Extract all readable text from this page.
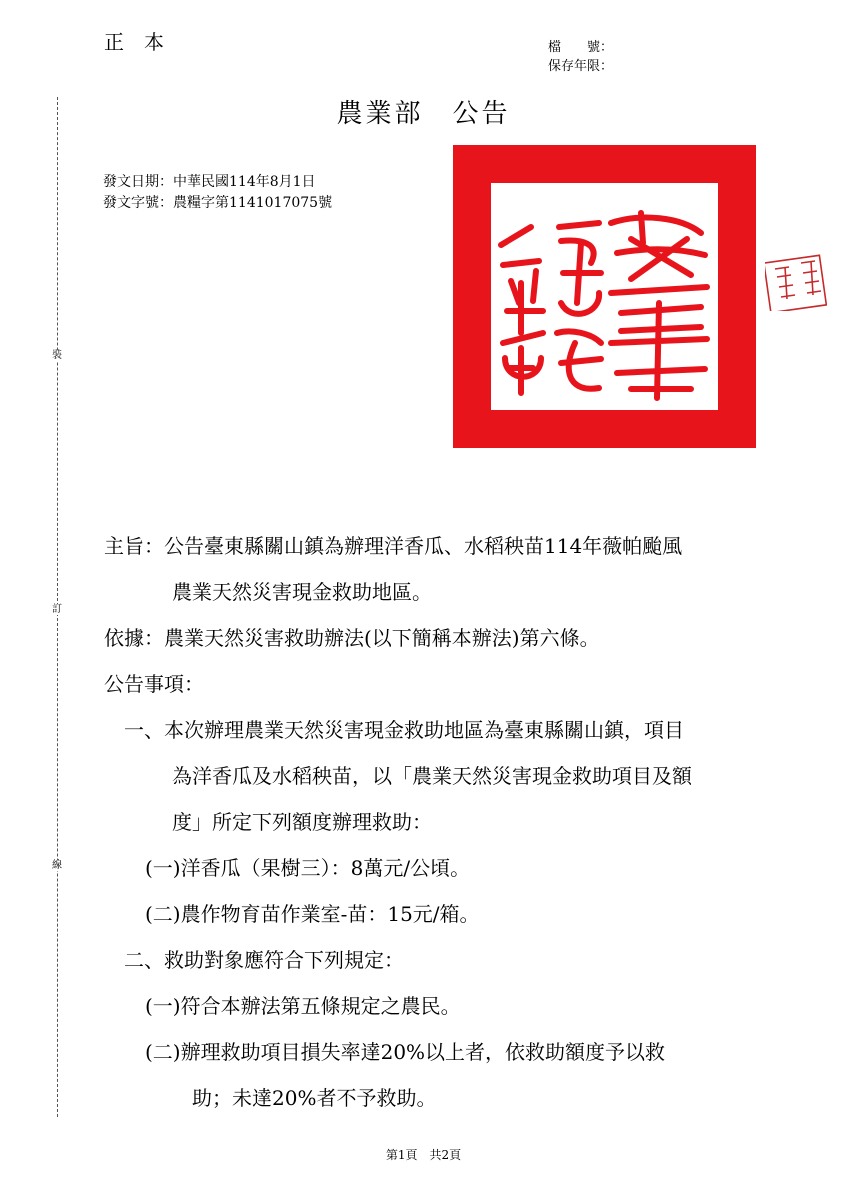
正本	檔　　號：
保存年限：
裝
訂
線
農業部　公告
發文日期：中華民國114年8月1日
發文字號：農糧字第1141017075號
主旨：公告臺東縣關山鎮為辦理洋香瓜、水稻秧苗114年薇帕颱風
農業天然災害現金救助地區。
依據：農業天然災害救助辦法(以下簡稱本辦法)第六條。
公告事項：
一、本次辦理農業天然災害現金救助地區為臺東縣關山鎮，項目
為洋香瓜及水稻秧苗，以「農業天然災害現金救助項目及額
度」所定下列額度辦理救助：
(一)洋香瓜（果樹三）：8萬元/公頃。
(二)農作物育苗作業室-苗：15元/箱。
二、救助對象應符合下列規定：
(一)符合本辦法第五條規定之農民。
(二)辦理救助項目損失率達20%以上者，依救助額度予以救
助；未達20%者不予救助。
第1頁 共2頁
